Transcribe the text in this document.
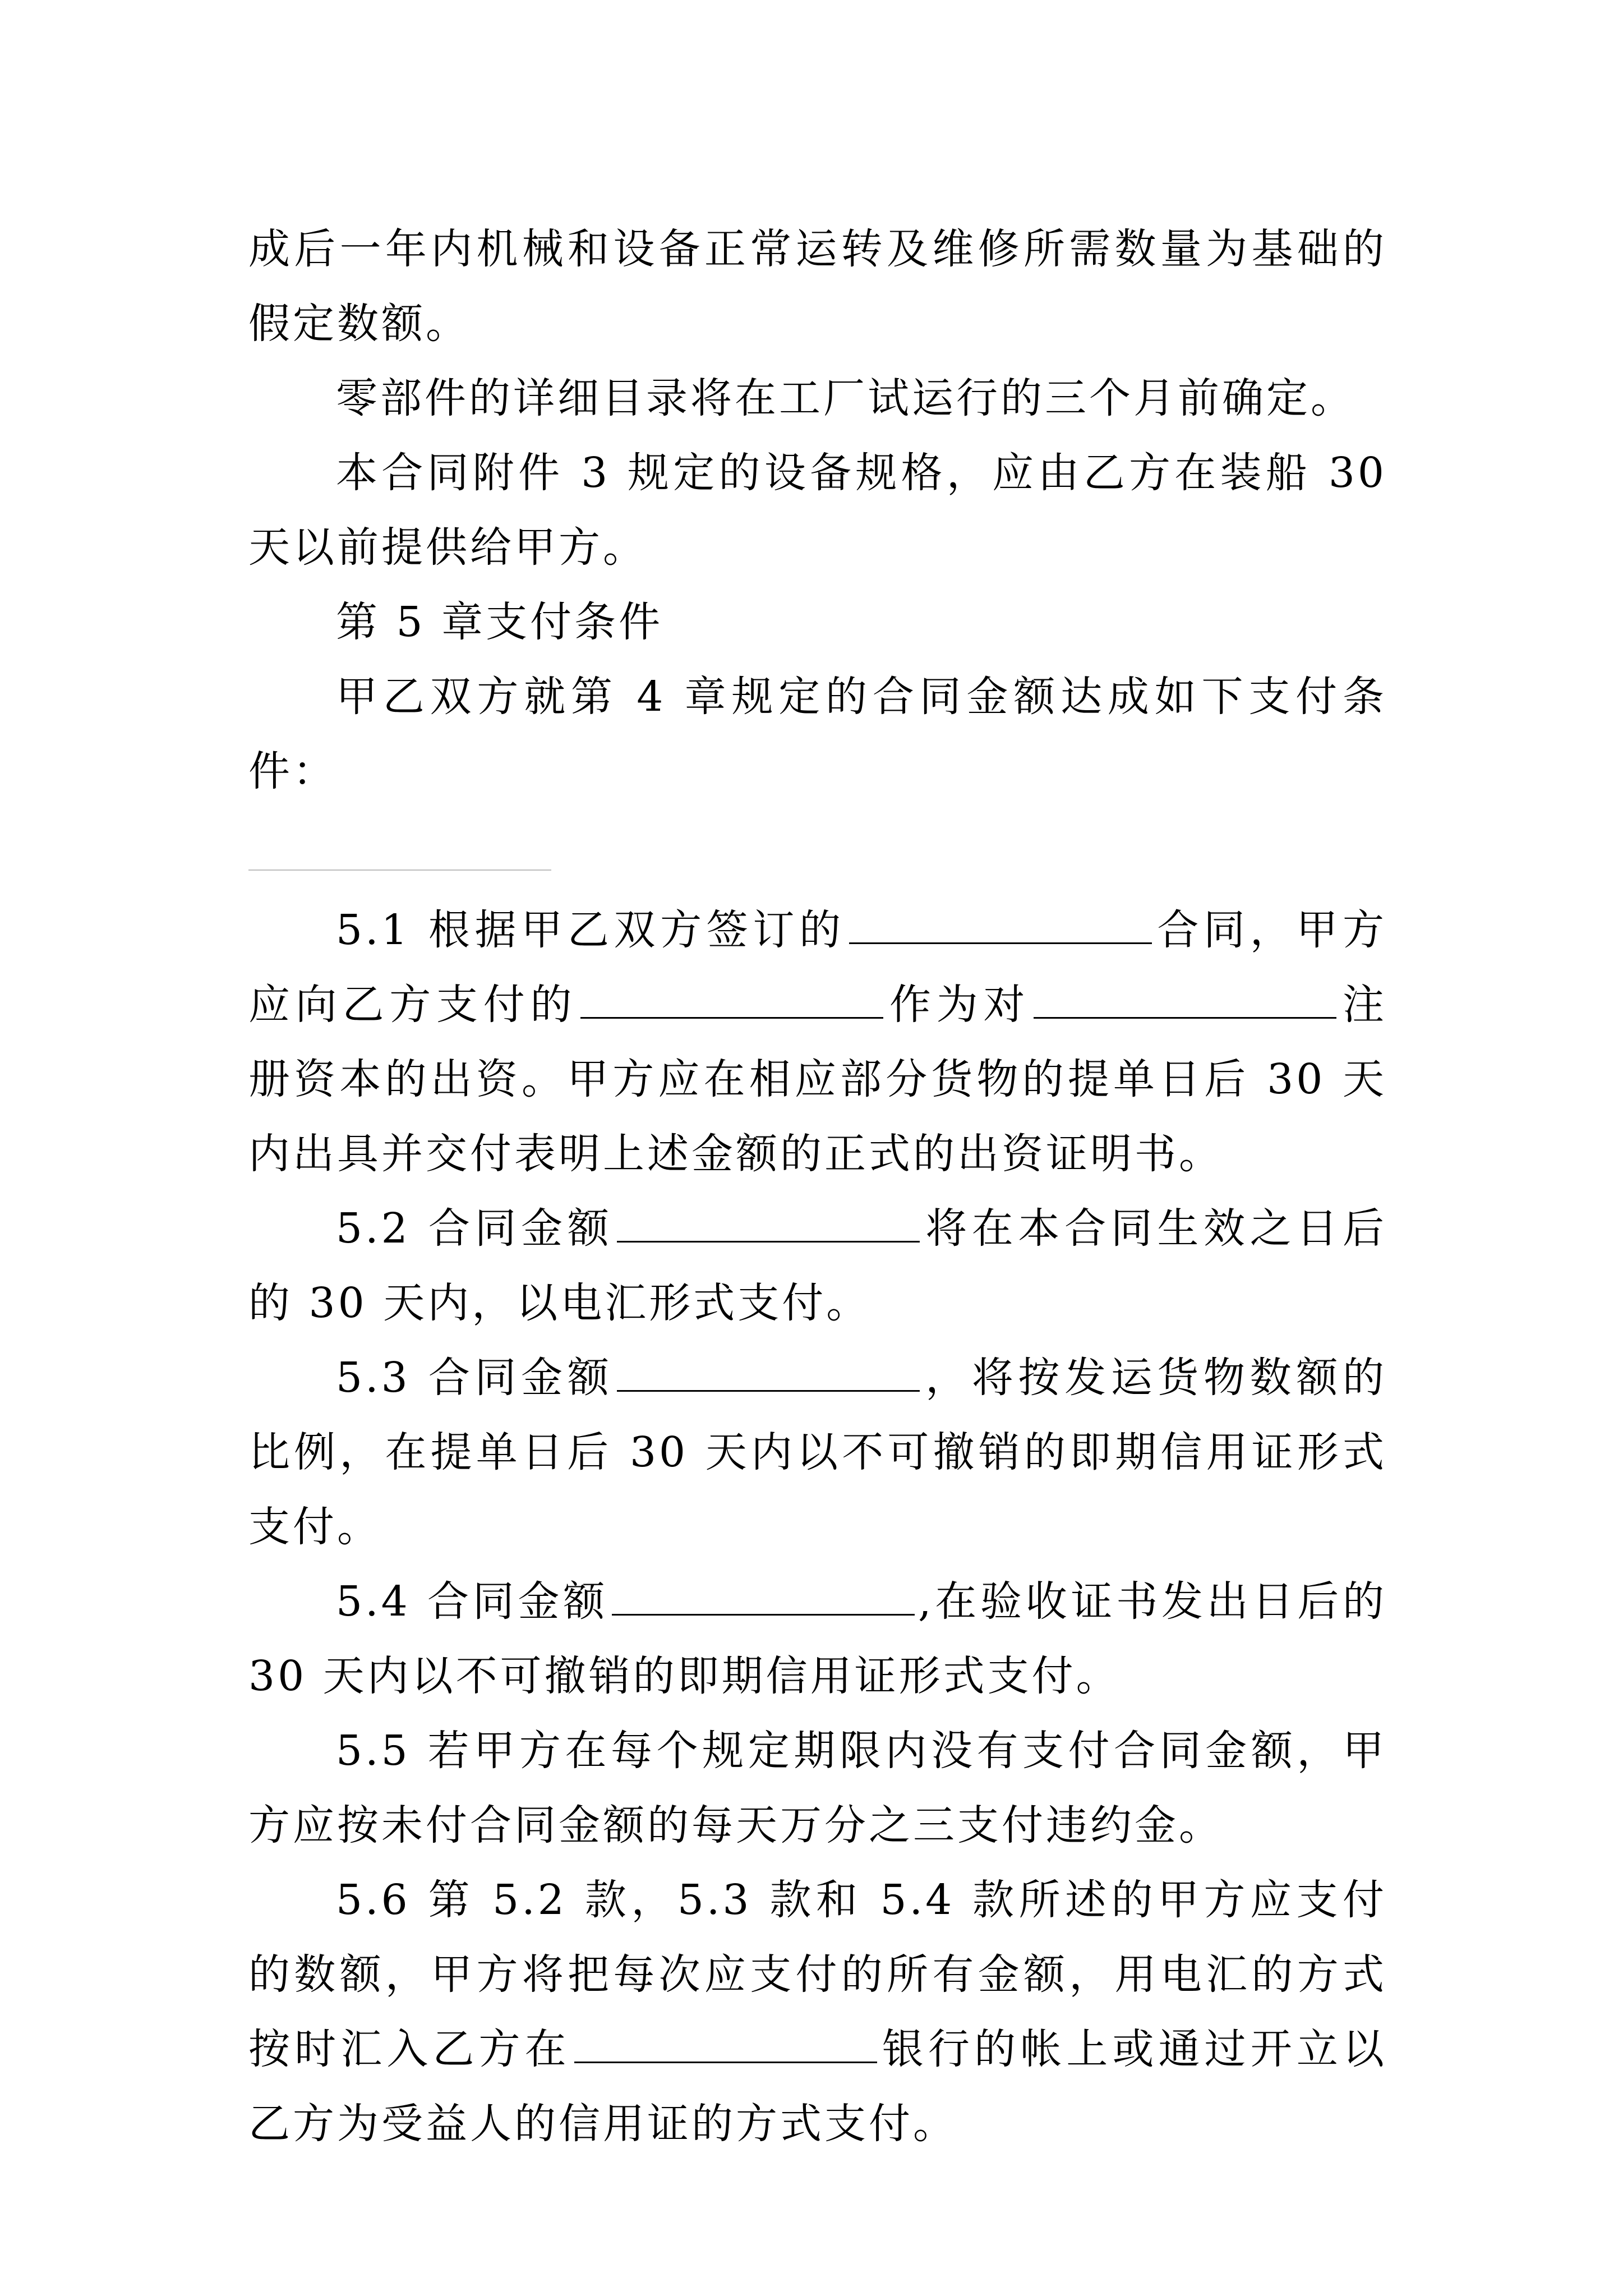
成后一年内机械和设备正常运转及维修所需数量为基础的假定数额。

零部件的详细目录将在工厂试运行的三个月前确定。

本合同附件 3 规定的设备规格，应由乙方在装船 30 天以前提供给甲方。

第 5 章支付条件

甲乙双方就第 4 章规定的合同金额达成如下支付条件：

5.1 根据甲乙双方签订的	合同，甲方应向乙方支付的	作为对	注册资本的出资。甲方应在相应部分货物的提单日后 30 天内出具并交付表明上述金额的正式的出资证明书。

5.2 合同金额	将在本合同生效之日后的 30 天内，以电汇形式支付。

5.3 合同金额	，将按发运货物数额的比例，在提单日后 30 天内以不可撤销的即期信用证形式支付。

5.4 合同金额	,在验收证书发出日后的 30 天内以不可撤销的即期信用证形式支付。

5.5 若甲方在每个规定期限内没有支付合同金额，甲方应按未付合同金额的每天万分之三支付违约金。

5.6 第 5.2 款，5.3 款和 5.4 款所述的甲方应支付的数额，甲方将把每次应支付的所有金额，用电汇的方式按时汇入乙方在	银行的帐上或通过开立以乙方为受益人的信用证的方式支付。
